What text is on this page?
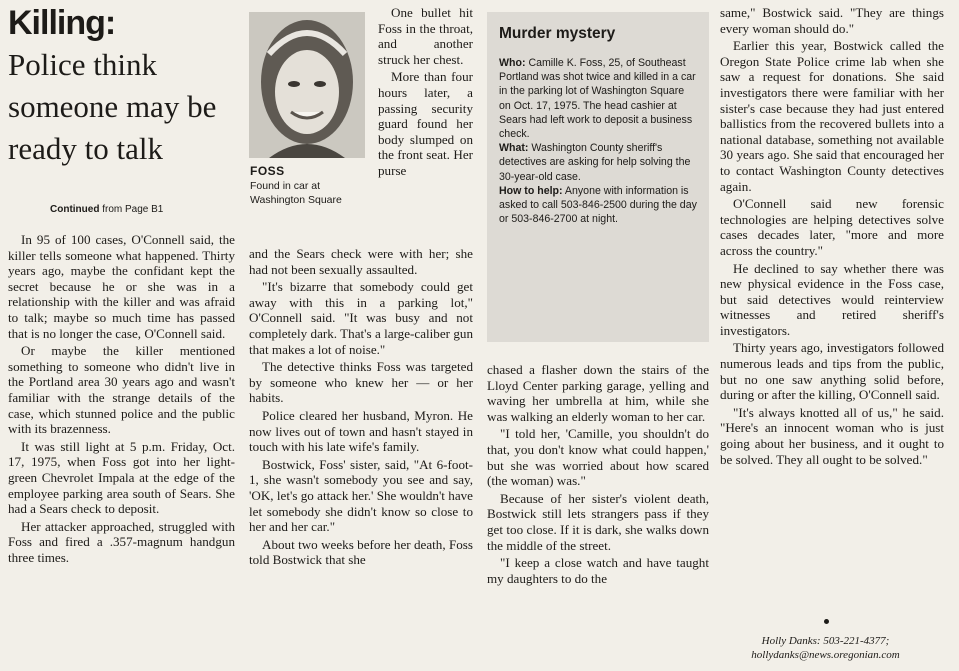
Killing:
Police think someone may be ready to talk
Continued from Page B1

In 95 of 100 cases, O'Connell said, the killer tells someone what happened. Thirty years ago, maybe the confidant kept the secret because he or she was in a relationship with the killer and was afraid to talk; maybe so much time has passed that is no longer the case, O'Connell said.

Or maybe the killer mentioned something to someone who didn't live in the Portland area 30 years ago and wasn't familiar with the strange details of the case, which stunned police and the public with its brazenness.

It was still light at 5 p.m. Friday, Oct. 17, 1975, when Foss got into her light-green Chevrolet Impala at the edge of the employee parking area south of Sears. She had a Sears check to deposit.

Her attacker approached, struggled with Foss and fired a .357-magnum handgun three times.

FOSS
Found in car at Washington Square

One bullet hit Foss in the throat, and another struck her chest.

More than four hours later, a passing security guard found her body slumped on the front seat. Her purse

and the Sears check were with her; she had not been sexually assaulted.

"It's bizarre that somebody could get away with this in a parking lot," O'Connell said. "It was busy and not completely dark. That's a large-caliber gun that makes a lot of noise."

The detective thinks Foss was targeted by someone who knew her — or her habits.

Police cleared her husband, Myron. He now lives out of town and hasn't stayed in touch with his late wife's family.

Bostwick, Foss' sister, said, "At 6-foot-1, she wasn't somebody you see and say, 'OK, let's go attack her.' She wouldn't have let somebody she didn't know so close to her and her car."

About two weeks before her death, Foss told Bostwick that she

Murder mystery

Who: Camille K. Foss, 25, of Southeast Portland was shot twice and killed in a car in the parking lot of Washington Square on Oct. 17, 1975. The head cashier at Sears had left work to deposit a business check.

What: Washington County sheriff's detectives are asking for help solving the 30-year-old case.

How to help: Anyone with information is asked to call 503-846-2500 during the day or 503-846-2700 at night.

chased a flasher down the stairs of the Lloyd Center parking garage, yelling and waving her umbrella at him, while she was walking an elderly woman to her car.

"I told her, 'Camille, you shouldn't do that, you don't know what could happen,' but she was worried about how scared (the woman) was."

Because of her sister's violent death, Bostwick still lets strangers pass if they get too close. If it is dark, she walks down the middle of the street.

"I keep a close watch and have taught my daughters to do the

same," Bostwick said. "They are things every woman should do."

Earlier this year, Bostwick called the Oregon State Police crime lab when she saw a request for donations. She said investigators there were familiar with her sister's case because they had just entered ballistics from the recovered bullets into a national database, something not available 30 years ago. She said that encouraged her to contact Washington County detectives again.

O'Connell said new forensic technologies are helping detectives solve cases decades later, "more and more across the country."

He declined to say whether there was new physical evidence in the Foss case, but said detectives would reinterview witnesses and retired sheriff's investigators.

Thirty years ago, investigators followed numerous leads and tips from the public, but no one saw anything solid before, during or after the killing, O'Connell said.

"It's always knotted all of us," he said. "Here's an innocent woman who is just going about her business, and it ought to be solved. They all ought to be solved."

Holly Danks: 503-221-4377;
hollydanks@news.oregonian.com
